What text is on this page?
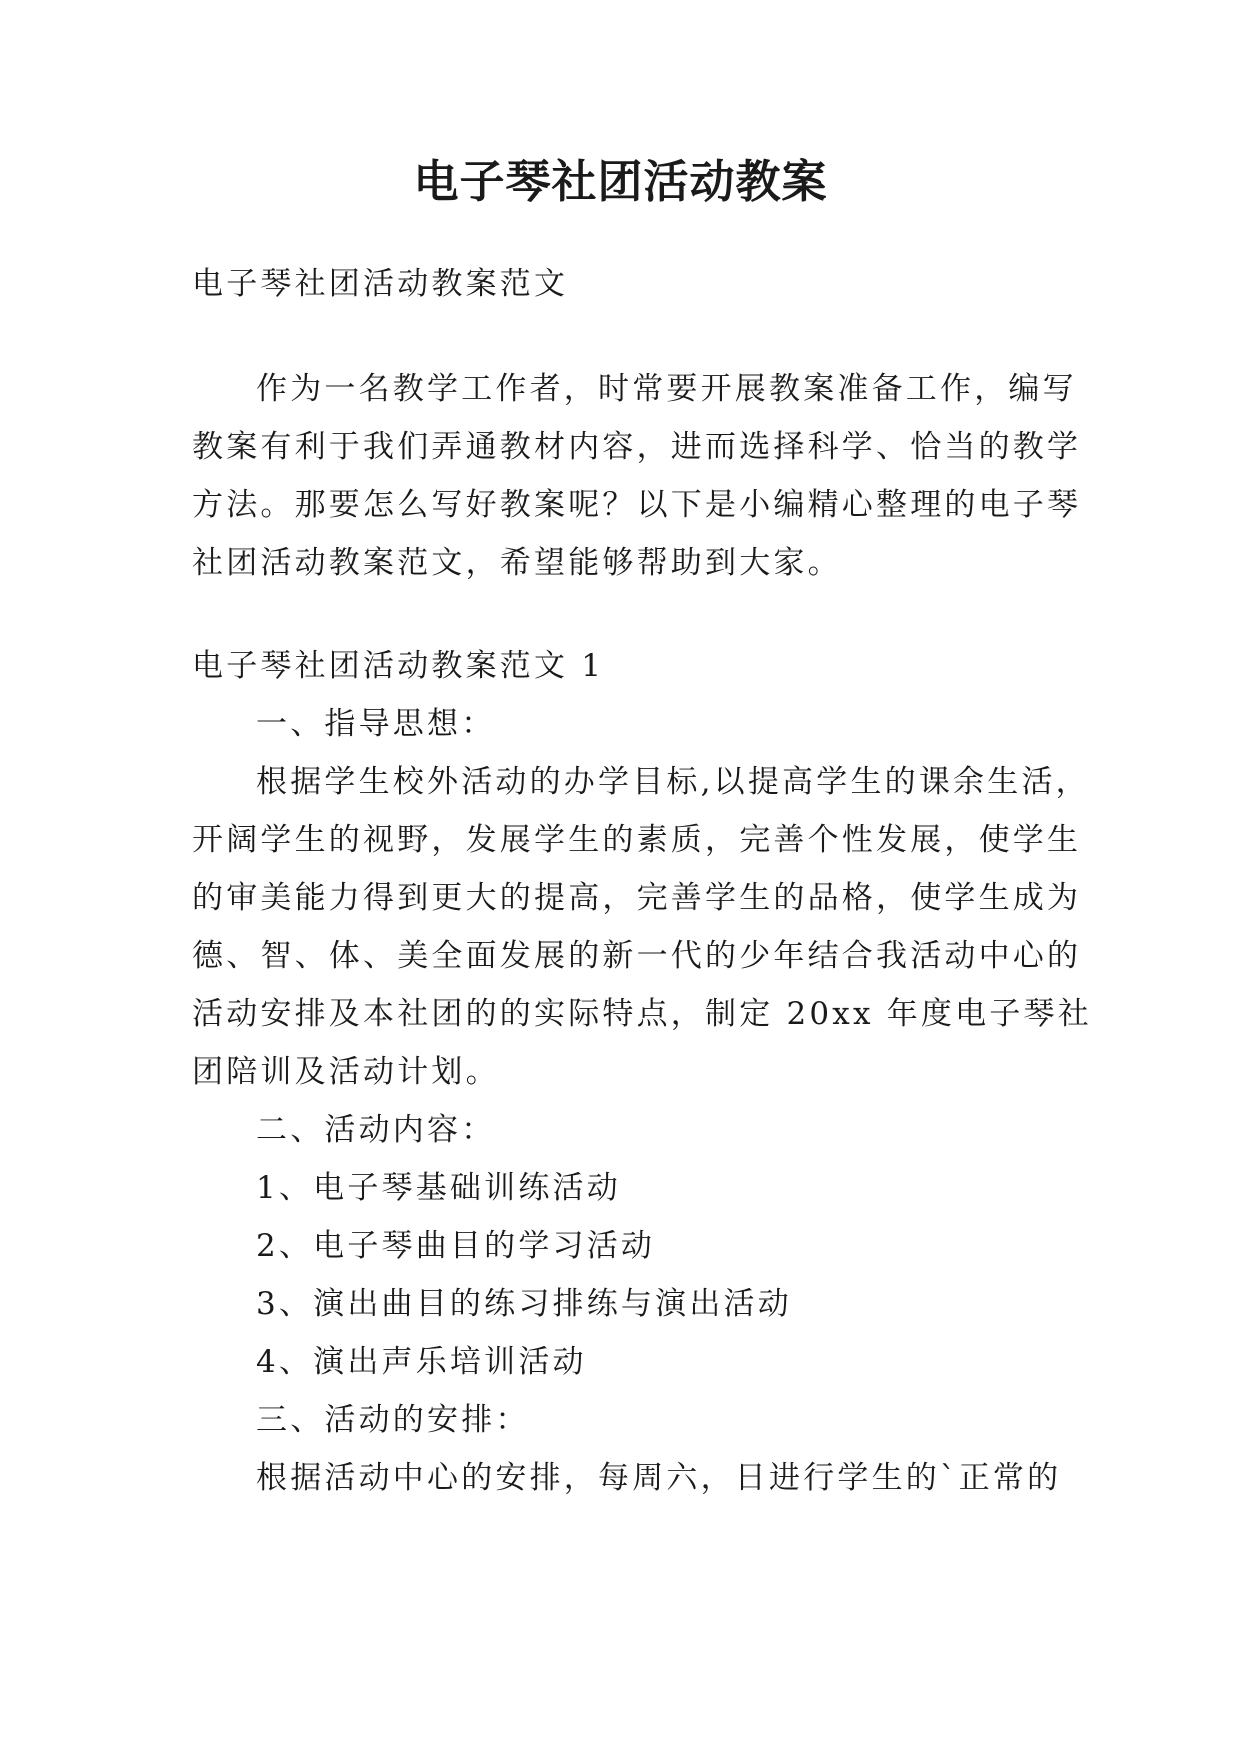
电子琴社团活动教案
电子琴社团活动教案范文
作为一名教学工作者，时常要开展教案准备工作，编写
教案有利于我们弄通教材内容，进而选择科学、恰当的教学
方法。那要怎么写好教案呢？以下是小编精心整理的电子琴
社团活动教案范文，希望能够帮助到大家。
电子琴社团活动教案范文 1
一、指导思想：
根据学生校外活动的办学目标,以提高学生的课余生活，
开阔学生的视野，发展学生的素质，完善个性发展，使学生
的审美能力得到更大的提高，完善学生的品格，使学生成为
德、智、体、美全面发展的新一代的少年结合我活动中心的
活动安排及本社团的的实际特点，制定 20xx 年度电子琴社
团陪训及活动计划。
二、活动内容：
1、电子琴基础训练活动
2、电子琴曲目的学习活动
3、演出曲目的练习排练与演出活动
4、演出声乐培训活动
三、活动的安排：
根据活动中心的安排，每周六，日进行学生的`正常的
